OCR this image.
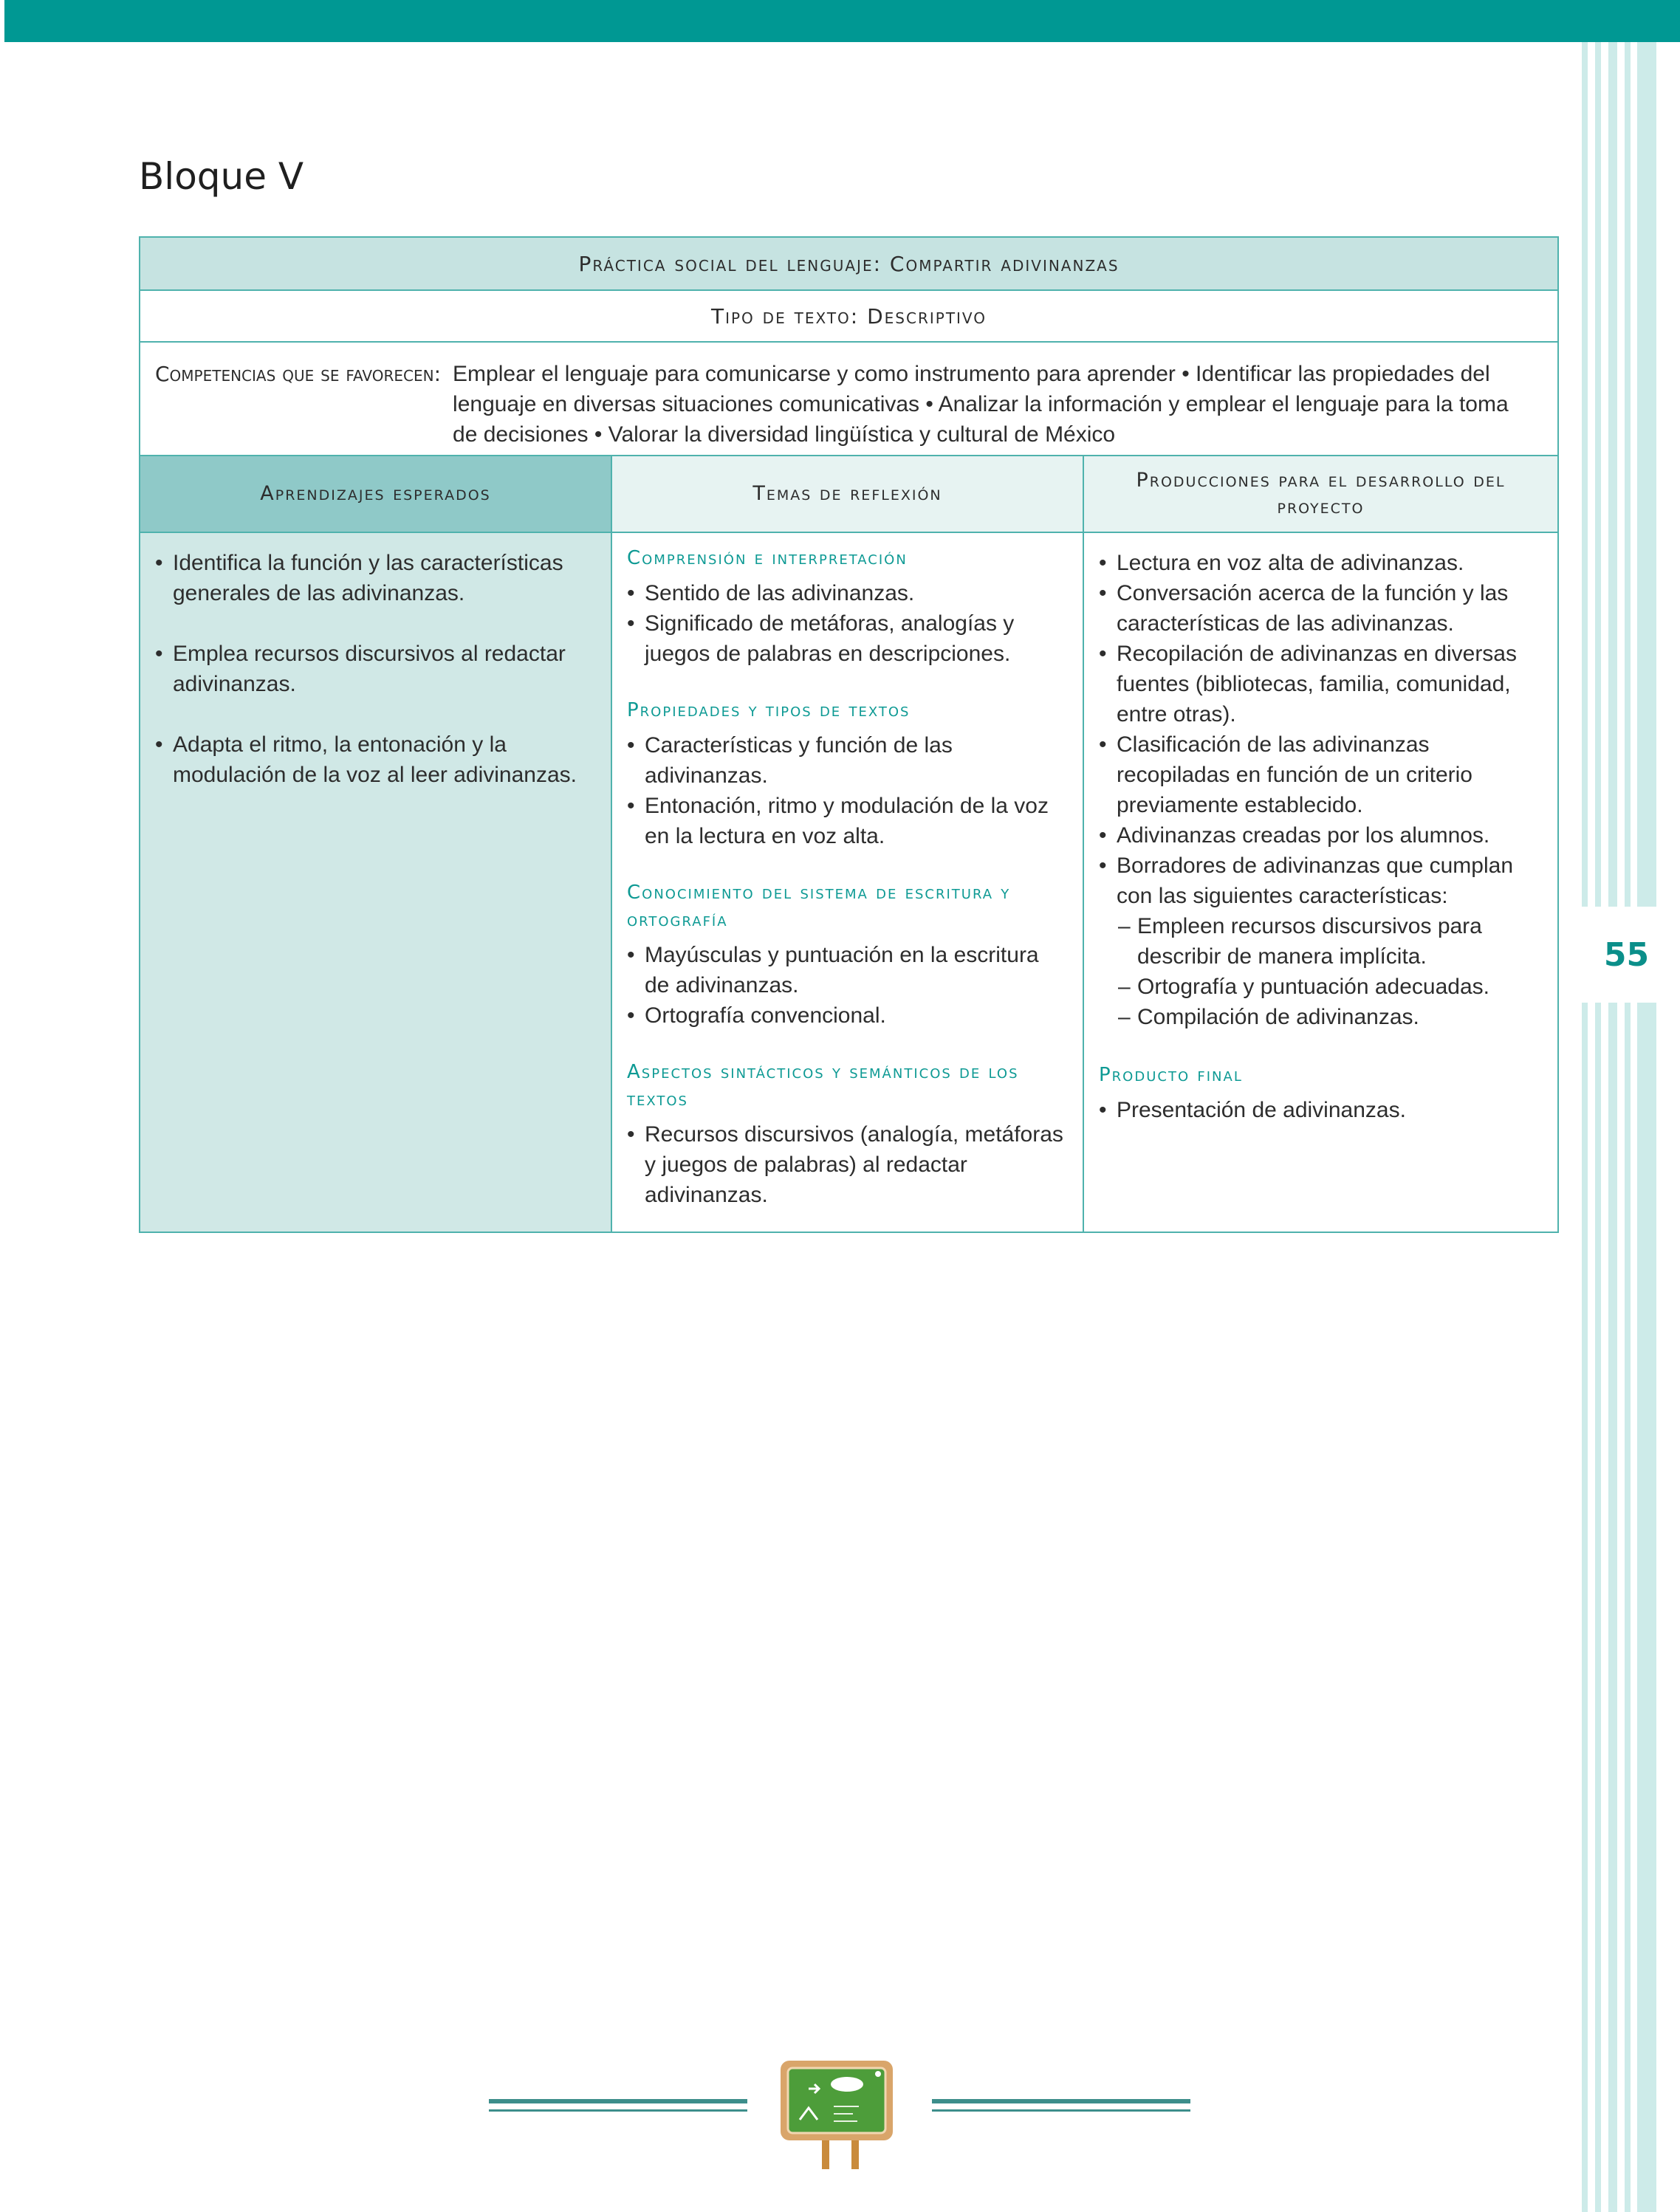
55
Bloque V
Práctica social del lenguaje: Compartir adivinanzas
Tipo de texto: Descriptivo
Competencias que se favorecen: Emplear el lenguaje para comunicarse y como instrumento para aprender • Identificar las propiedades del lenguaje en diversas situaciones comunicativas • Analizar la información y emplear el lenguaje para la toma de decisiones • Valorar la diversidad lingüística y cultural de México
Aprendizajes esperados
• Identifica la función y las características generales de las adivinanzas.
• Emplea recursos discursivos al redactar adivinanzas.
• Adapta el ritmo, la entonación y la modulación de la voz al leer adivinanzas.
Temas de reflexión
Comprensión e interpretación
• Sentido de las adivinanzas.
• Significado de metáforas, analogías y juegos de palabras en descripciones.
Propiedades y tipos de textos
• Características y función de las adivinanzas.
• Entonación, ritmo y modulación de la voz en la lectura en voz alta.
Conocimiento del sistema de escritura y ortografía
• Mayúsculas y puntuación en la escritura de adivinanzas.
• Ortografía convencional.
Aspectos sintácticos y semánticos de los textos
• Recursos discursivos (analogía, metáforas y juegos de palabras) al redactar adivinanzas.
Producciones para el desarrollo del proyecto
• Lectura en voz alta de adivinanzas.
• Conversación acerca de la función y las características de las adivinanzas.
• Recopilación de adivinanzas en diversas fuentes (bibliotecas, familia, comunidad, entre otras).
• Clasificación de las adivinanzas recopiladas en función de un criterio previamente establecido.
• Adivinanzas creadas por los alumnos.
• Borradores de adivinanzas que cumplan con las siguientes características:
– Empleen recursos discursivos para describir de manera implícita.
– Ortografía y puntuación adecuadas.
– Compilación de adivinanzas.
Producto final
• Presentación de adivinanzas.
